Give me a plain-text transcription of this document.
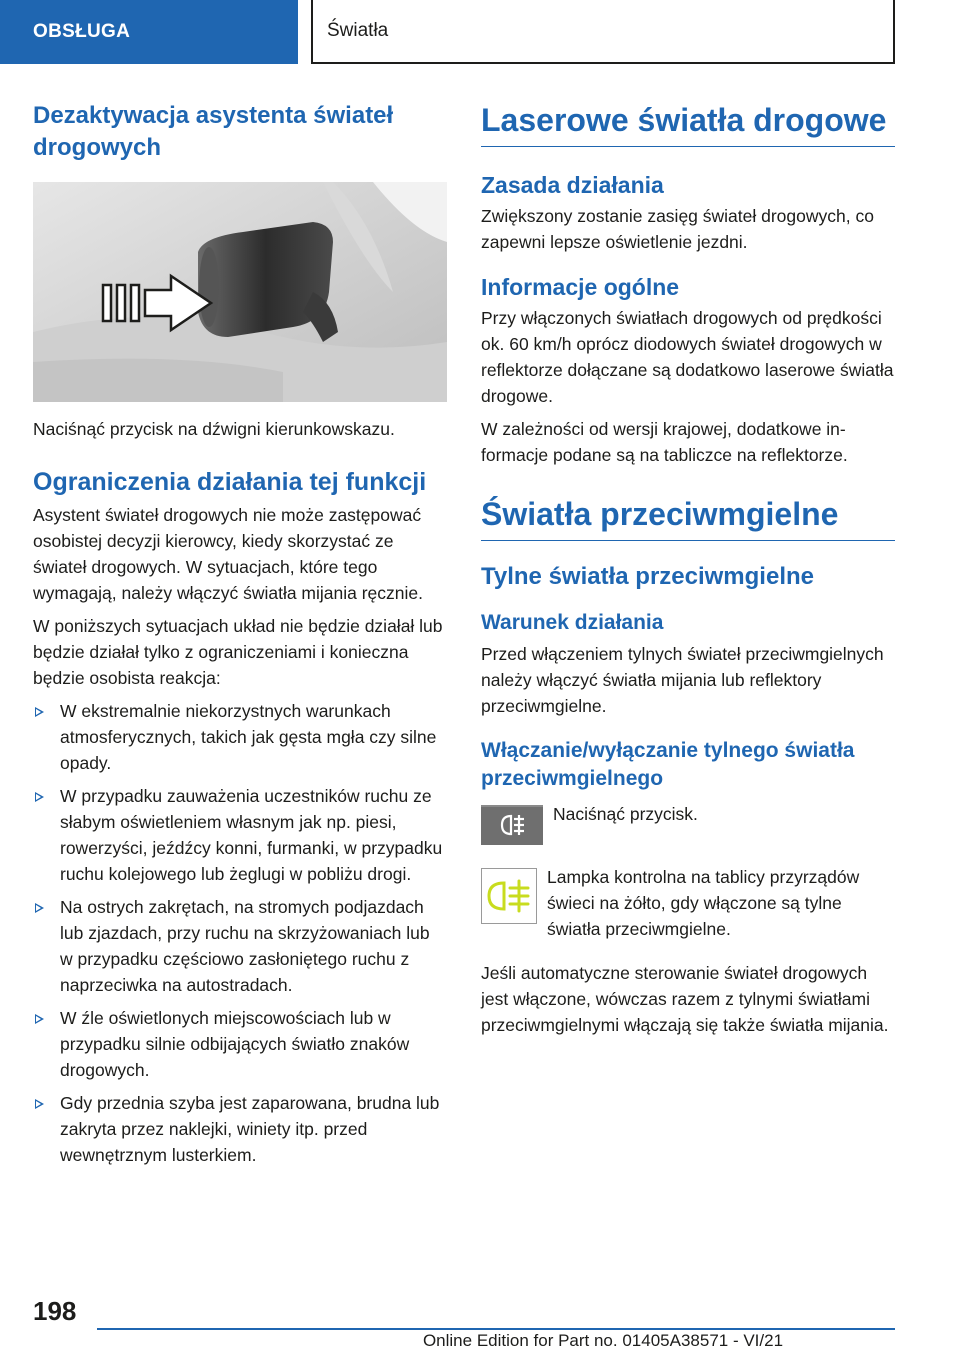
OBSŁUGA	Światła
Dezaktywacja asystenta świateł drogowych

Naciśnąć przycisk na dźwigni kierunkowskazu.

Ograniczenia działania tej funkcji

Asystent świateł drogowych nie może zastępować osobistej decyzji kierowcy, kiedy skorzystać ze świateł drogowych. W sytuacjach, które tego wymagają, należy włączyć światła mijania ręcznie.

W poniższych sytuacjach układ nie będzie działał lub będzie działał tylko z ograniczeniami i konieczna będzie osobista reakcja:

W ekstremalnie niekorzystnych warunkach atmosferycznych, takich jak gęsta mgła czy silne opady.
W przypadku zauważenia uczestników ruchu ze słabym oświetleniem własnym jak np. piesi, rowerzyści, jeźdźcy konni, furmanki, w przypadku ruchu kolejowego lub żeglugi w pobliżu drogi.
Na ostrych zakrętach, na stromych podjazdach lub zjazdach, przy ruchu na skrzyżowaniach lub w przypadku częściowo zasłoniętego ruchu z naprzeciwka na autostradach.
W źle oświetlonych miejscowościach lub w przypadku silnie odbijających światło znaków drogowych.
Gdy przednia szyba jest zaparowana, brudna lub zakryta przez naklejki, winiety itp. przed wewnętrznym lusterkiem.
Laserowe światła drogowe
Zasada działania

Zwiększony zostanie zasięg świateł drogowych, co zapewni lepsze oświetlenie jezdni.

Informacje ogólne

Przy włączonych światłach drogowych od prędkości ok. 60 km/h oprócz diodowych świateł drogowych w reflektorze dołączane są dodatkowo laserowe światła drogowe.

W zależności od wersji krajowej, dodatkowe informacje podane są na tabliczce na reflektorze.

Światła przeciwmgielne
Tylne światła przeciwmgielne
Warunek działania

Przed włączeniem tylnych świateł przeciwmgielnych należy włączyć światła mijania lub reflektory przeciwmgielne.

Włączanie/wyłączanie tylnego światła przeciwmgielnego

Naciśnąć przycisk.

Lampka kontrolna na tablicy przyrządów świeci na żółto, gdy włączone są tylne światła przeciwmgielne.

Jeśli automatyczne sterowanie świateł drogowych jest włączone, wówczas razem z tylnymi światłami przeciwmgielnymi włączają się także światła mijania.

198
Online Edition for Part no. 01405A38571 - VI/21
